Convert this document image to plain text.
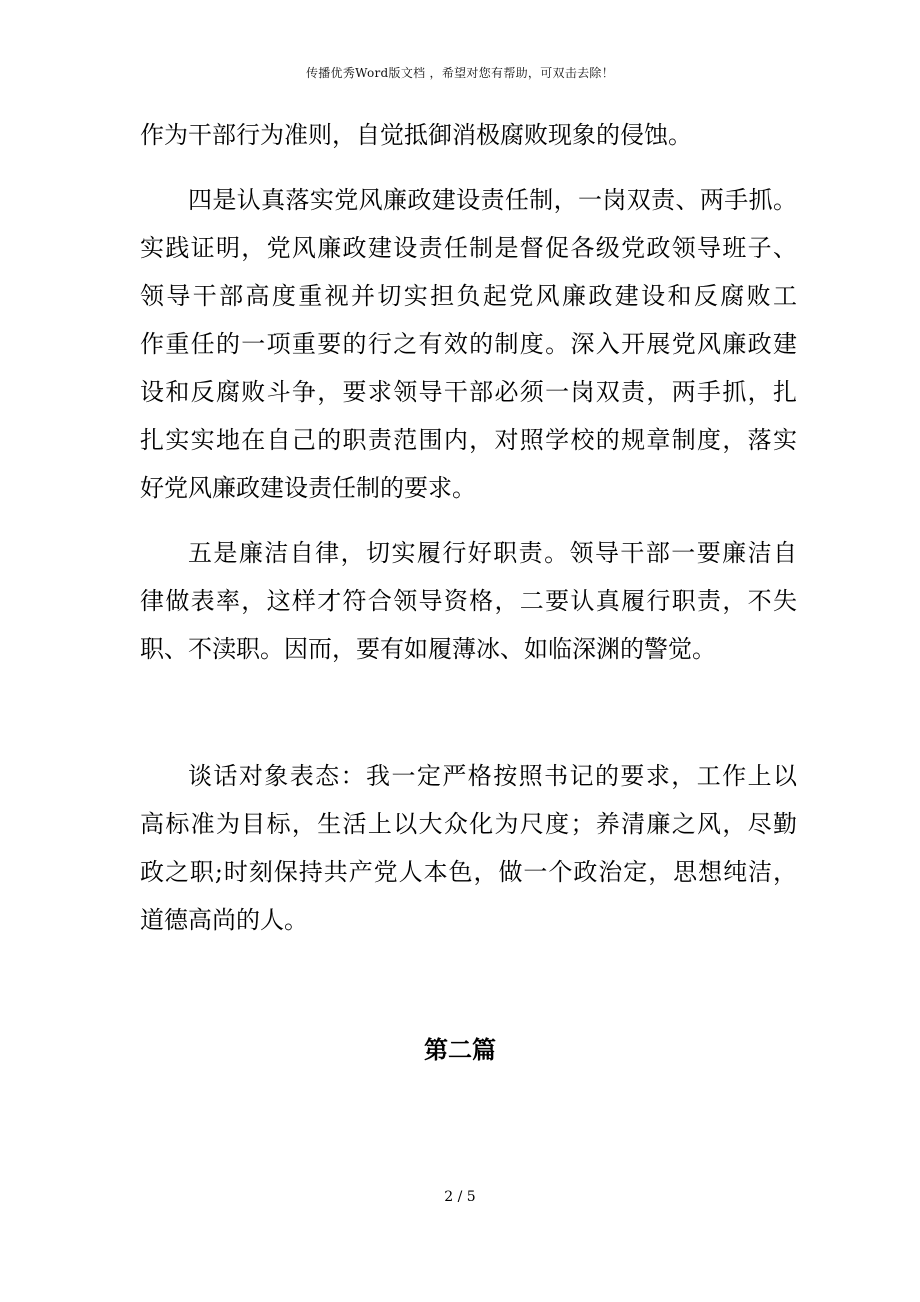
传播优秀Word版文档 ，希望对您有帮助，可双击去除！
作为干部行为准则，自觉抵御消极腐败现象的侵蚀。
四是认真落实党风廉政建设责任制，一岗双责、两手抓。
实践证明，党风廉政建设责任制是督促各级党政领导班子、
领导干部高度重视并切实担负起党风廉政建设和反腐败工
作重任的一项重要的行之有效的制度。深入开展党风廉政建
设和反腐败斗争，要求领导干部必须一岗双责，两手抓，扎
扎实实地在自己的职责范围内，对照学校的规章制度，落实
好党风廉政建设责任制的要求。
五是廉洁自律，切实履行好职责。领导干部一要廉洁自
律做表率，这样才符合领导资格，二要认真履行职责，不失
职、不渎职。因而，要有如履薄冰、如临深渊的警觉。
谈话对象表态：我一定严格按照书记的要求，工作上以
高标准为目标，生活上以大众化为尺度；养清廉之风，尽勤
政之职;时刻保持共产党人本色，做一个政治定，思想纯洁，
道德高尚的人。
第二篇
2 / 5
